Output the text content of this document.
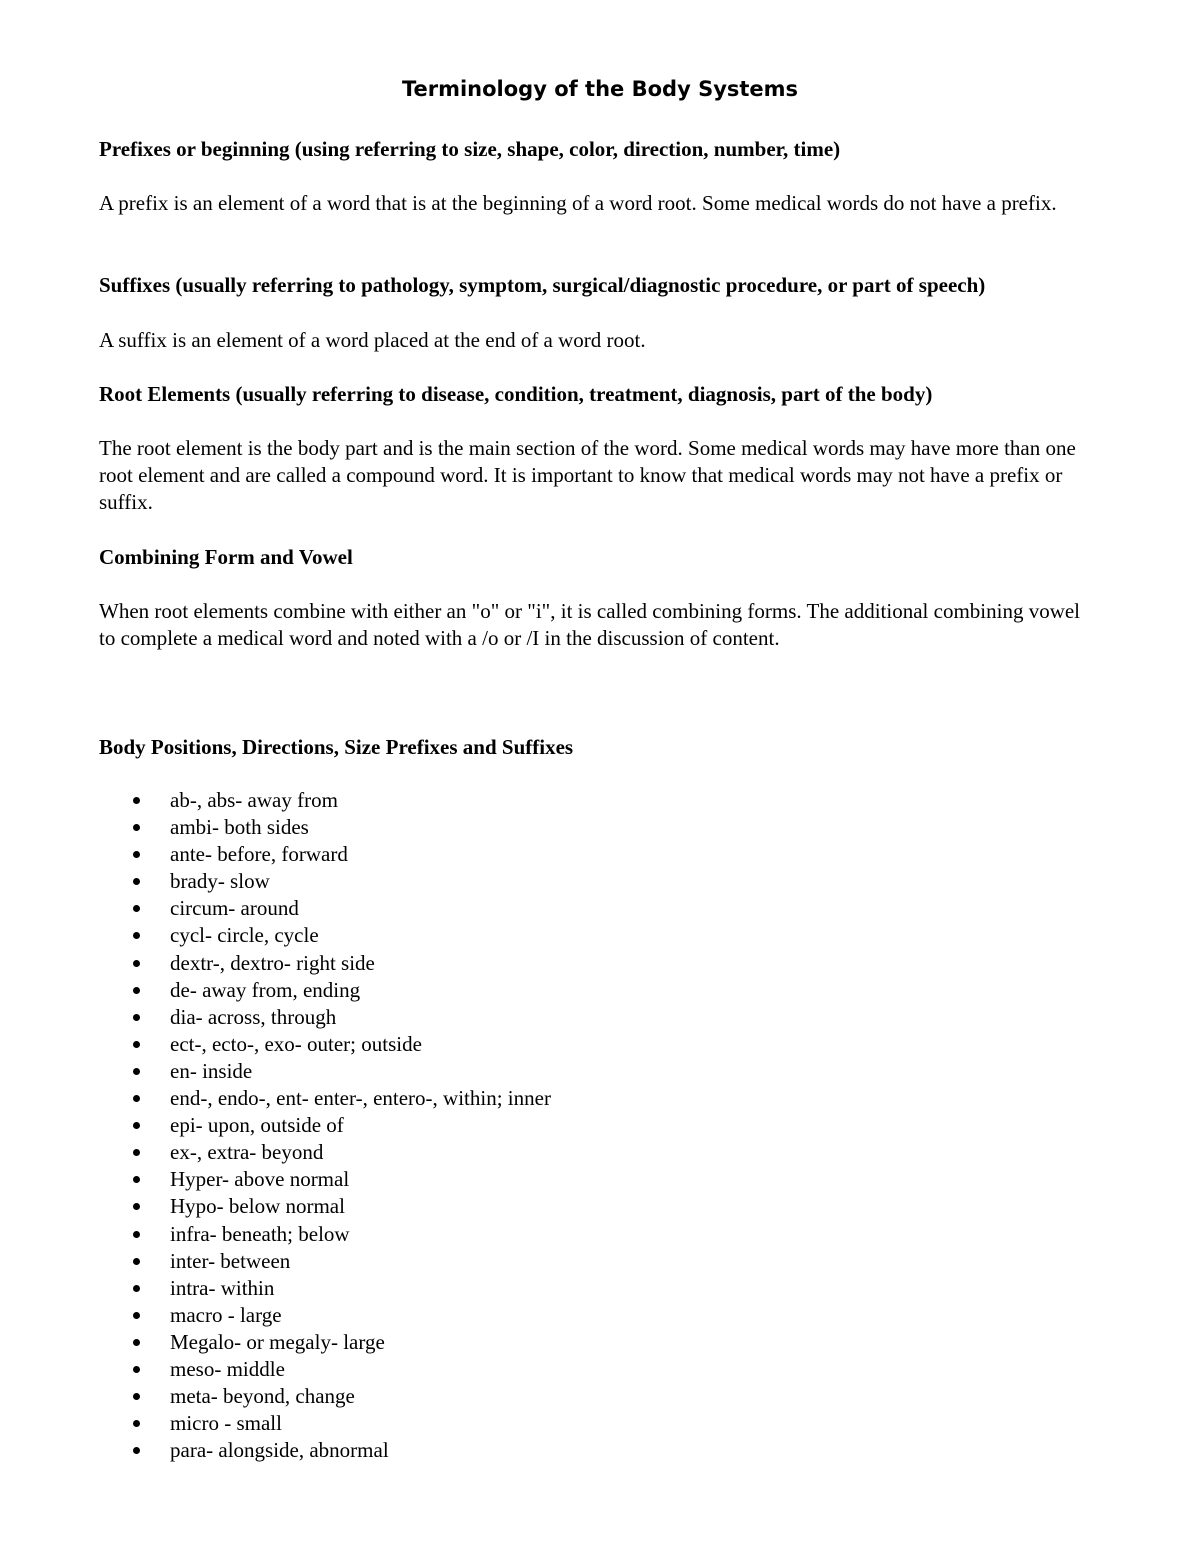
Terminology of the Body Systems

Prefixes or beginning (using referring to size, shape, color, direction, number, time)

A prefix is an element of a word that is at the beginning of a word root. Some medical words do not have a prefix.

Suffixes (usually referring to pathology, symptom, surgical/diagnostic procedure, or part of speech)

A suffix is an element of a word placed at the end of a word root.

Root Elements (usually referring to disease, condition, treatment, diagnosis, part of the body)

The root element is the body part and is the main section of the word. Some medical words may have more than one root element and are called a compound word. It is important to know that medical words may not have a prefix or suffix.

Combining Form and Vowel

When root elements combine with either an "o" or "i", it is called combining forms. The additional combining vowel to complete a medical word and noted with a /o or /I in the discussion of content.

Body Positions, Directions, Size Prefixes and Suffixes

ab-, abs- away from
ambi- both sides
ante- before, forward
brady- slow
circum- around
cycl- circle, cycle
dextr-, dextro- right side
de- away from, ending
dia- across, through
ect-, ecto-, exo- outer; outside
en- inside
end-, endo-, ent- enter-, entero-, within; inner
epi- upon, outside of
ex-, extra- beyond
Hyper- above normal
Hypo- below normal
infra- beneath; below
inter- between
intra- within
macro - large
Megalo- or megaly- large
meso- middle
meta- beyond, change
micro - small
para- alongside, abnormal
